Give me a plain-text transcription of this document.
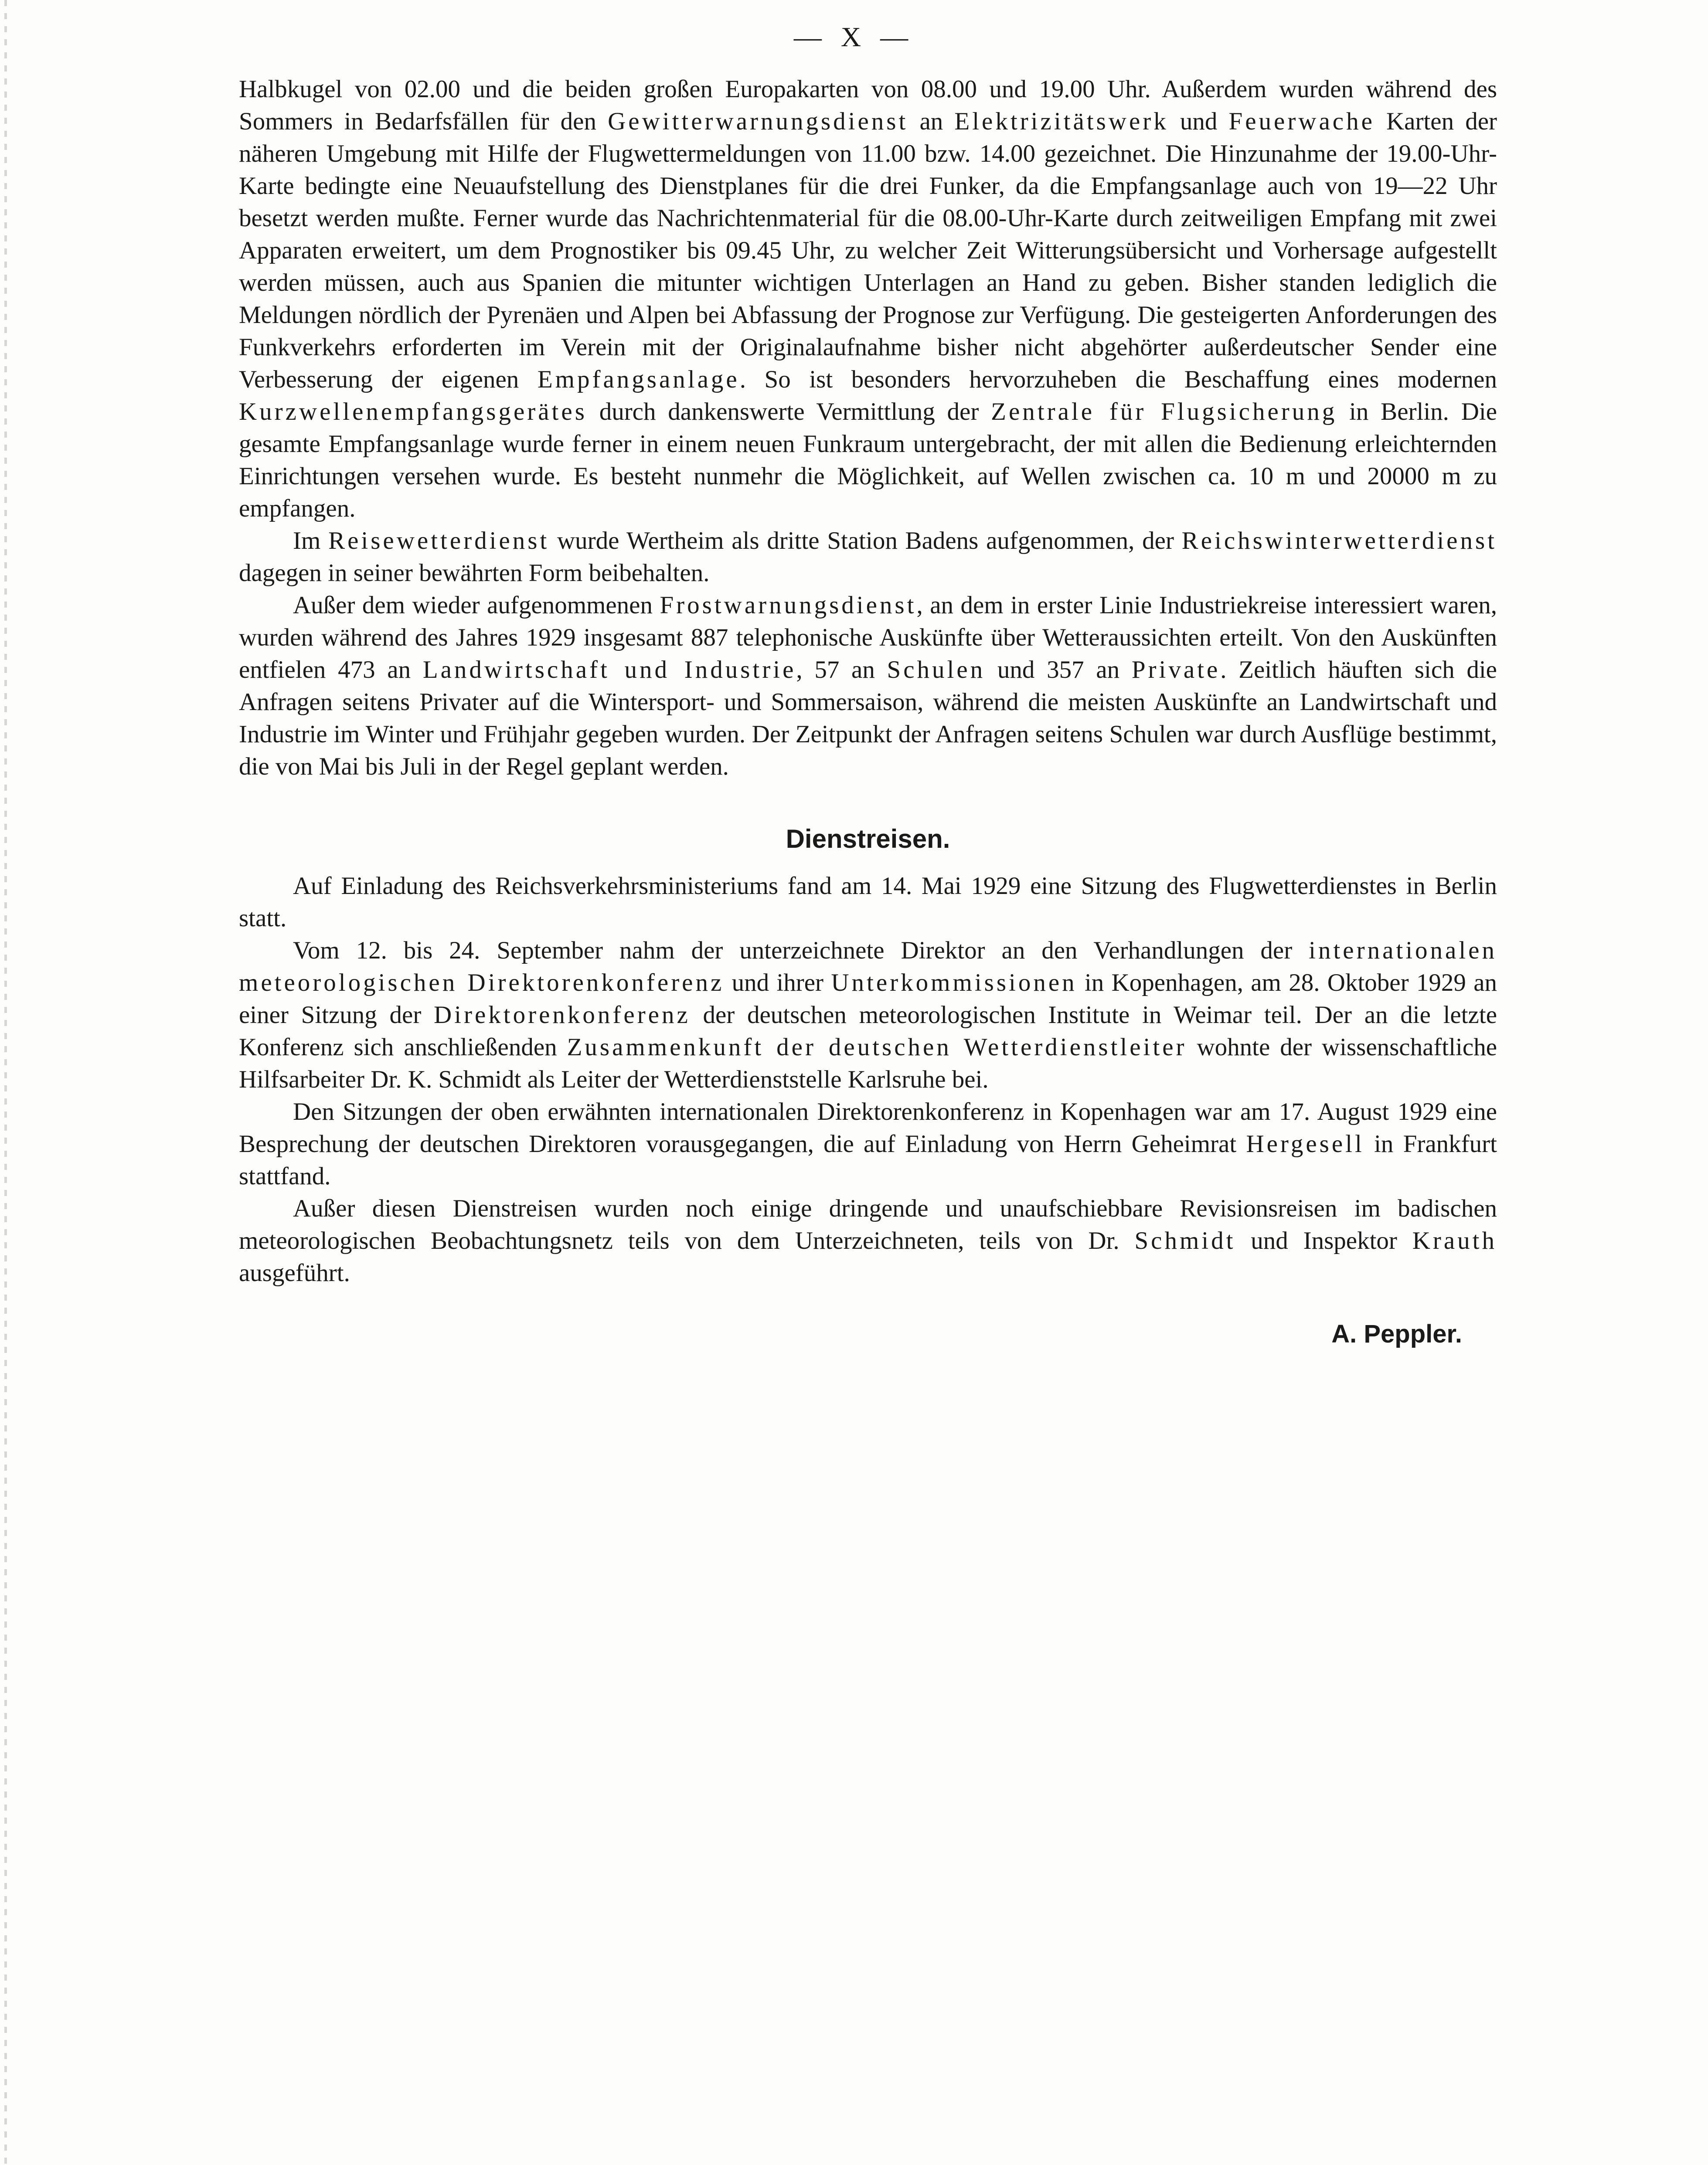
— X —

Halbkugel von 02.00 und die beiden großen Europakarten von 08.00 und 19.00 Uhr. Außerdem wurden während des Sommers in Bedarfsfällen für den Gewitterwarnungsdienst an Elektrizitätswerk und Feuerwache Karten der näheren Umgebung mit Hilfe der Flugwettermeldungen von 11.00 bzw. 14.00 gezeichnet. Die Hinzunahme der 19.00-Uhr-Karte bedingte eine Neuaufstellung des Dienstplanes für die drei Funker, da die Empfangsanlage auch von 19—22 Uhr besetzt werden mußte. Ferner wurde das Nachrichtenmaterial für die 08.00-Uhr-Karte durch zeitweiligen Empfang mit zwei Apparaten erweitert, um dem Prognostiker bis 09.45 Uhr, zu welcher Zeit Witterungsübersicht und Vorhersage aufgestellt werden müssen, auch aus Spanien die mitunter wichtigen Unterlagen an Hand zu geben. Bisher standen lediglich die Meldungen nördlich der Pyrenäen und Alpen bei Abfassung der Prognose zur Verfügung. Die gesteigerten Anforderungen des Funkverkehrs erforderten im Verein mit der Originalaufnahme bisher nicht abgehörter außerdeutscher Sender eine Verbesserung der eigenen Empfangsanlage. So ist besonders hervorzuheben die Beschaffung eines modernen Kurzwellenempfangsgerätes durch dankenswerte Vermittlung der Zentrale für Flugsicherung in Berlin. Die gesamte Empfangsanlage wurde ferner in einem neuen Funkraum untergebracht, der mit allen die Bedienung erleichternden Einrichtungen versehen wurde. Es besteht nunmehr die Möglichkeit, auf Wellen zwischen ca. 10 m und 20000 m zu empfangen.

Im Reisewetterdienst wurde Wertheim als dritte Station Badens aufgenommen, der Reichswinterwetterdienst dagegen in seiner bewährten Form beibehalten.

Außer dem wieder aufgenommenen Frostwarnungsdienst, an dem in erster Linie Industriekreise interessiert waren, wurden während des Jahres 1929 insgesamt 887 telephonische Auskünfte über Wetteraussichten erteilt. Von den Auskünften entfielen 473 an Landwirtschaft und Industrie, 57 an Schulen und 357 an Private. Zeitlich häuften sich die Anfragen seitens Privater auf die Wintersport- und Sommersaison, während die meisten Auskünfte an Landwirtschaft und Industrie im Winter und Frühjahr gegeben wurden. Der Zeitpunkt der Anfragen seitens Schulen war durch Ausflüge bestimmt, die von Mai bis Juli in der Regel geplant werden.

Dienstreisen.

Auf Einladung des Reichsverkehrsministeriums fand am 14. Mai 1929 eine Sitzung des Flugwetterdienstes in Berlin statt.

Vom 12. bis 24. September nahm der unterzeichnete Direktor an den Verhandlungen der internationalen meteorologischen Direktorenkonferenz und ihrer Unterkommissionen in Kopenhagen, am 28. Oktober 1929 an einer Sitzung der Direktorenkonferenz der deutschen meteorologischen Institute in Weimar teil. Der an die letzte Konferenz sich anschließenden Zusammenkunft der deutschen Wetterdienstleiter wohnte der wissenschaftliche Hilfsarbeiter Dr. K. Schmidt als Leiter der Wetterdienststelle Karlsruhe bei.

Den Sitzungen der oben erwähnten internationalen Direktorenkonferenz in Kopenhagen war am 17. August 1929 eine Besprechung der deutschen Direktoren vorausgegangen, die auf Einladung von Herrn Geheimrat Hergesell in Frankfurt stattfand.

Außer diesen Dienstreisen wurden noch einige dringende und unaufschiebbare Revisionsreisen im badischen meteorologischen Beobachtungsnetz teils von dem Unterzeichneten, teils von Dr. Schmidt und Inspektor Krauth ausgeführt.

A. Peppler.
